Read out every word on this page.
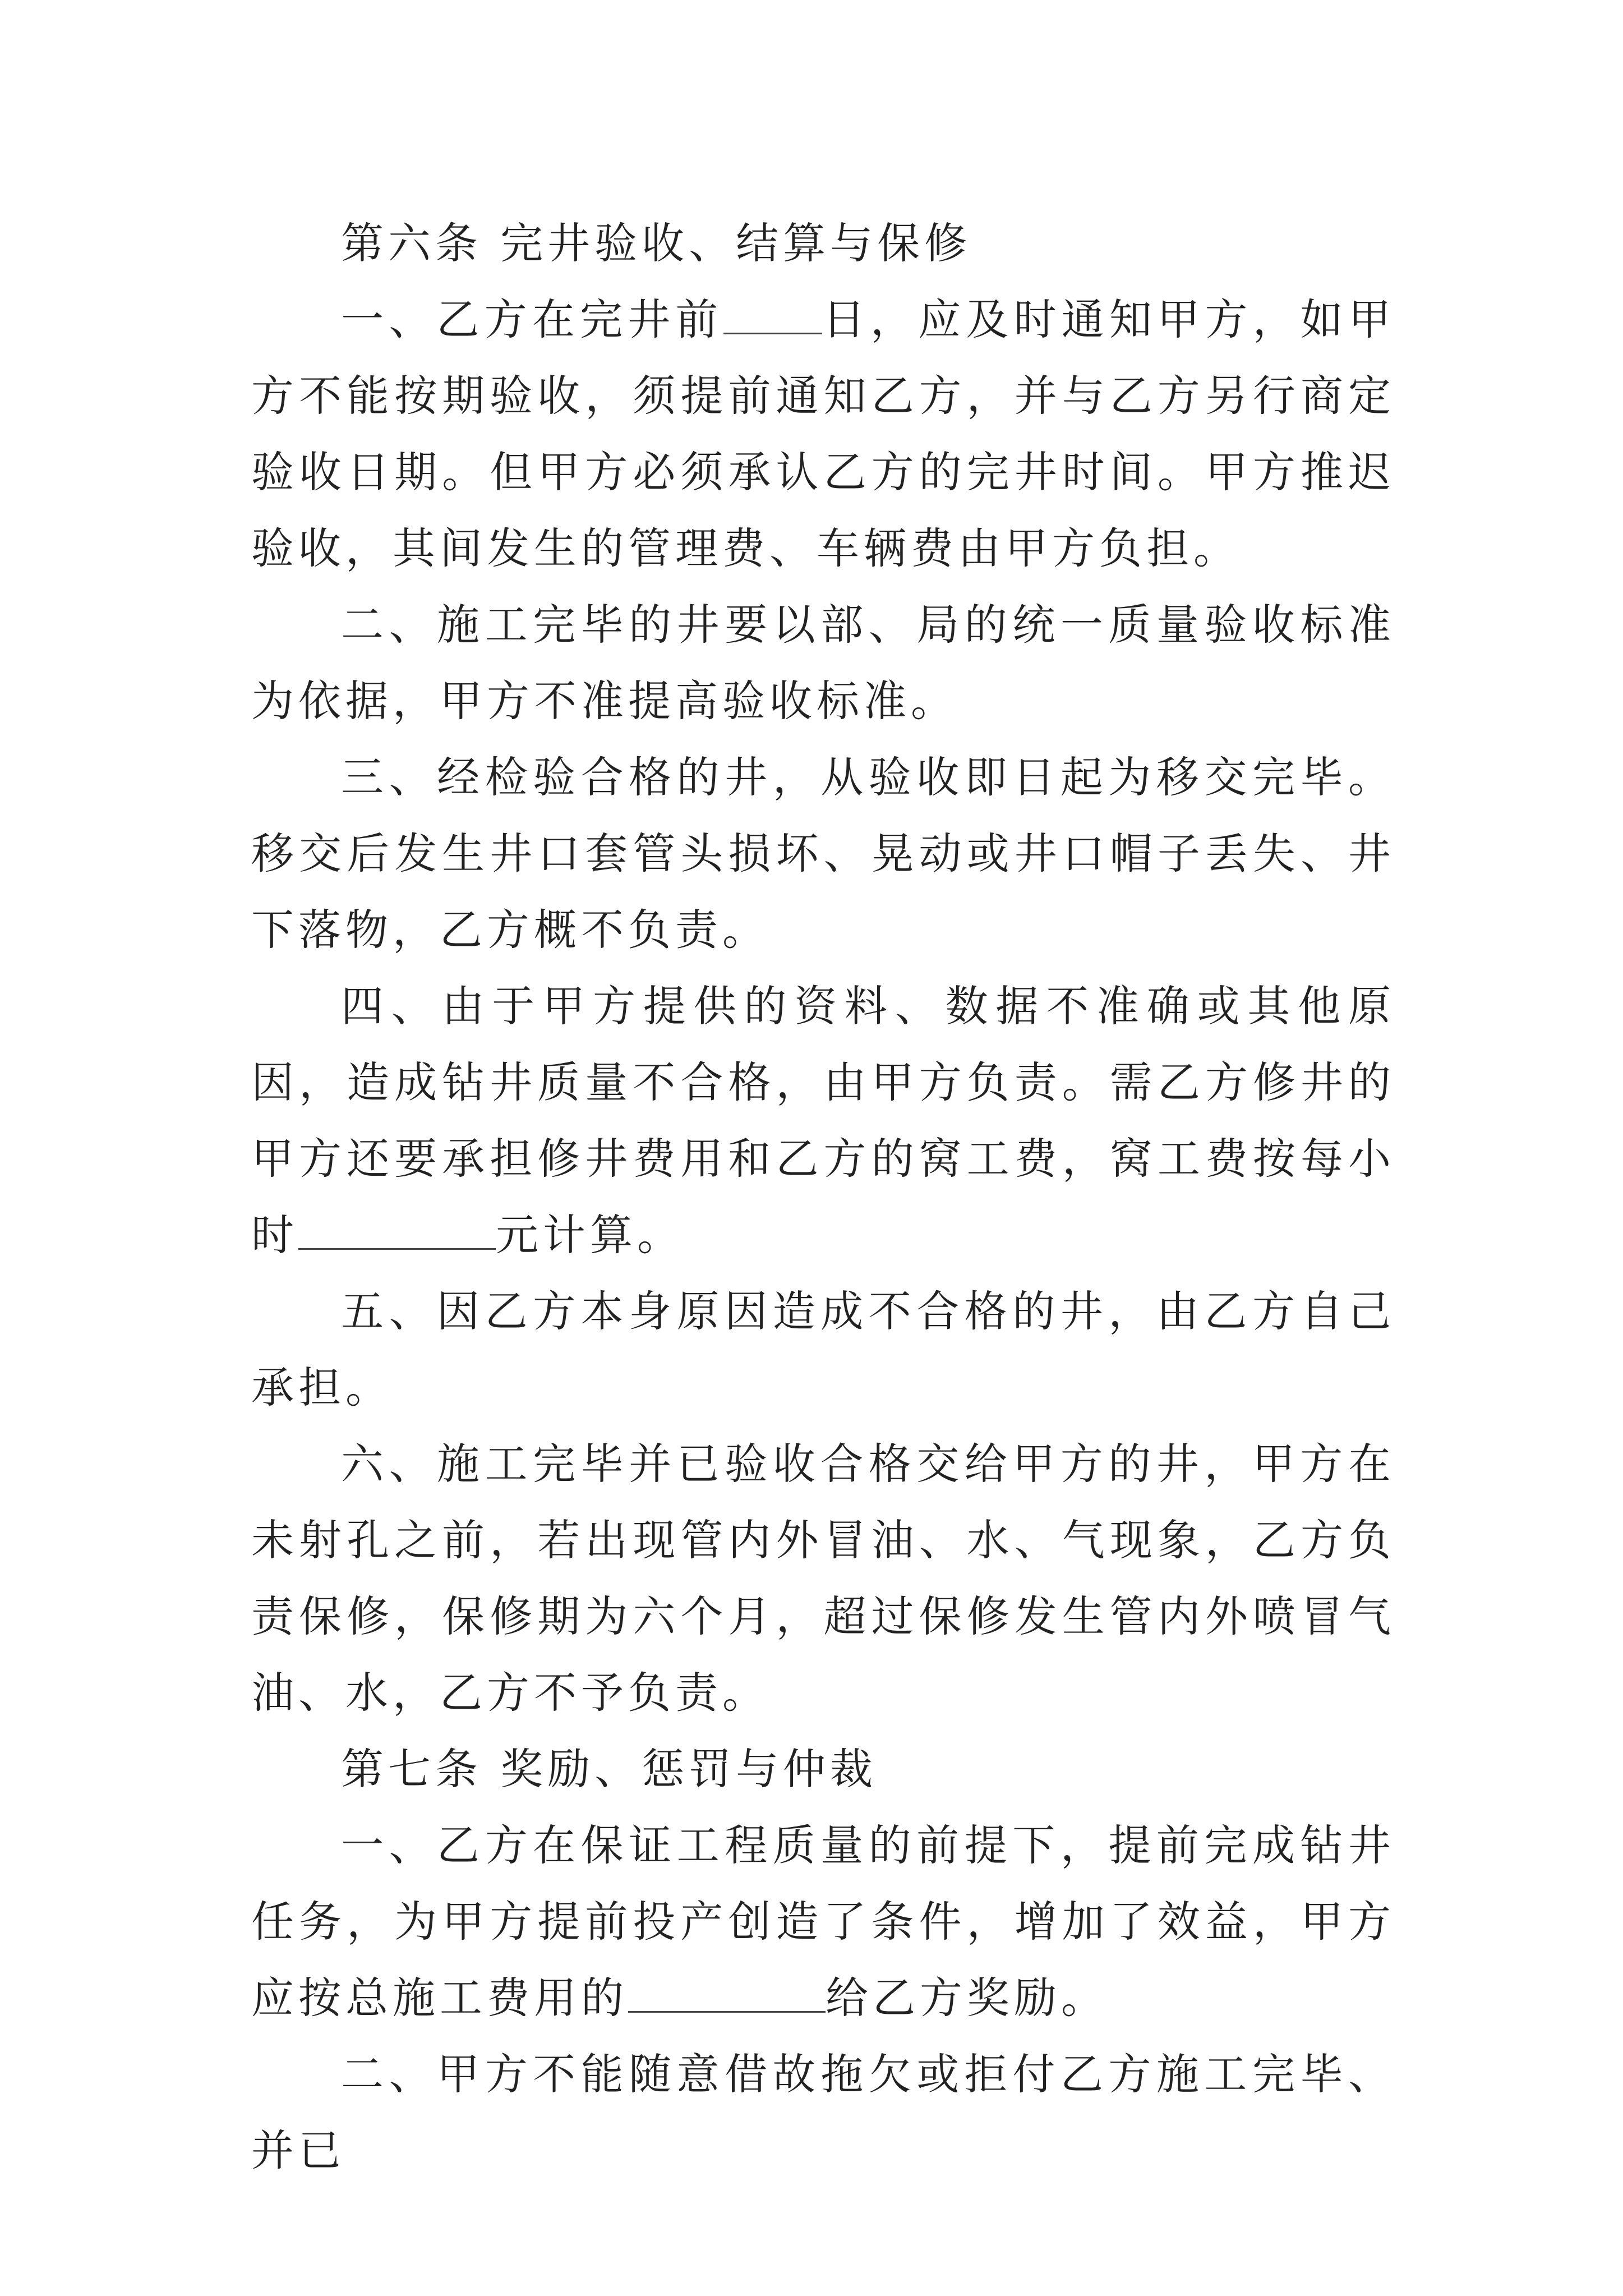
第六条 完井验收、结算与保修

一、乙方在完井前 日，应及时通知甲方，如甲方不能按期验收，须提前通知乙方，并与乙方另行商定验收日期。但甲方必须承认乙方的完井时间。甲方推迟验收，其间发生的管理费、车辆费由甲方负担。

二、施工完毕的井要以部、局的统一质量验收标准为依据，甲方不准提高验收标准。

三、经检验合格的井，从验收即日起为移交完毕。移交后发生井口套管头损坏、晃动或井口帽子丢失、井下落物，乙方概不负责。

四、由于甲方提供的资料、数据不准确或其他原因，造成钻井质量不合格，由甲方负责。需乙方修井的甲方还要承担修井费用和乙方的窝工费，窝工费按每小时	元计算。

五、因乙方本身原因造成不合格的井，由乙方自己承担。

六、施工完毕并已验收合格交给甲方的井，甲方在未射孔之前，若出现管内外冒油、水、气现象，乙方负责保修，保修期为六个月，超过保修发生管内外喷冒气油、水，乙方不予负责。

第七条 奖励、惩罚与仲裁

一、乙方在保证工程质量的前提下，提前完成钻井任务，为甲方提前投产创造了条件，增加了效益，甲方应按总施工费用的	给乙方奖励。

二、甲方不能随意借故拖欠或拒付乙方施工完毕、并已
